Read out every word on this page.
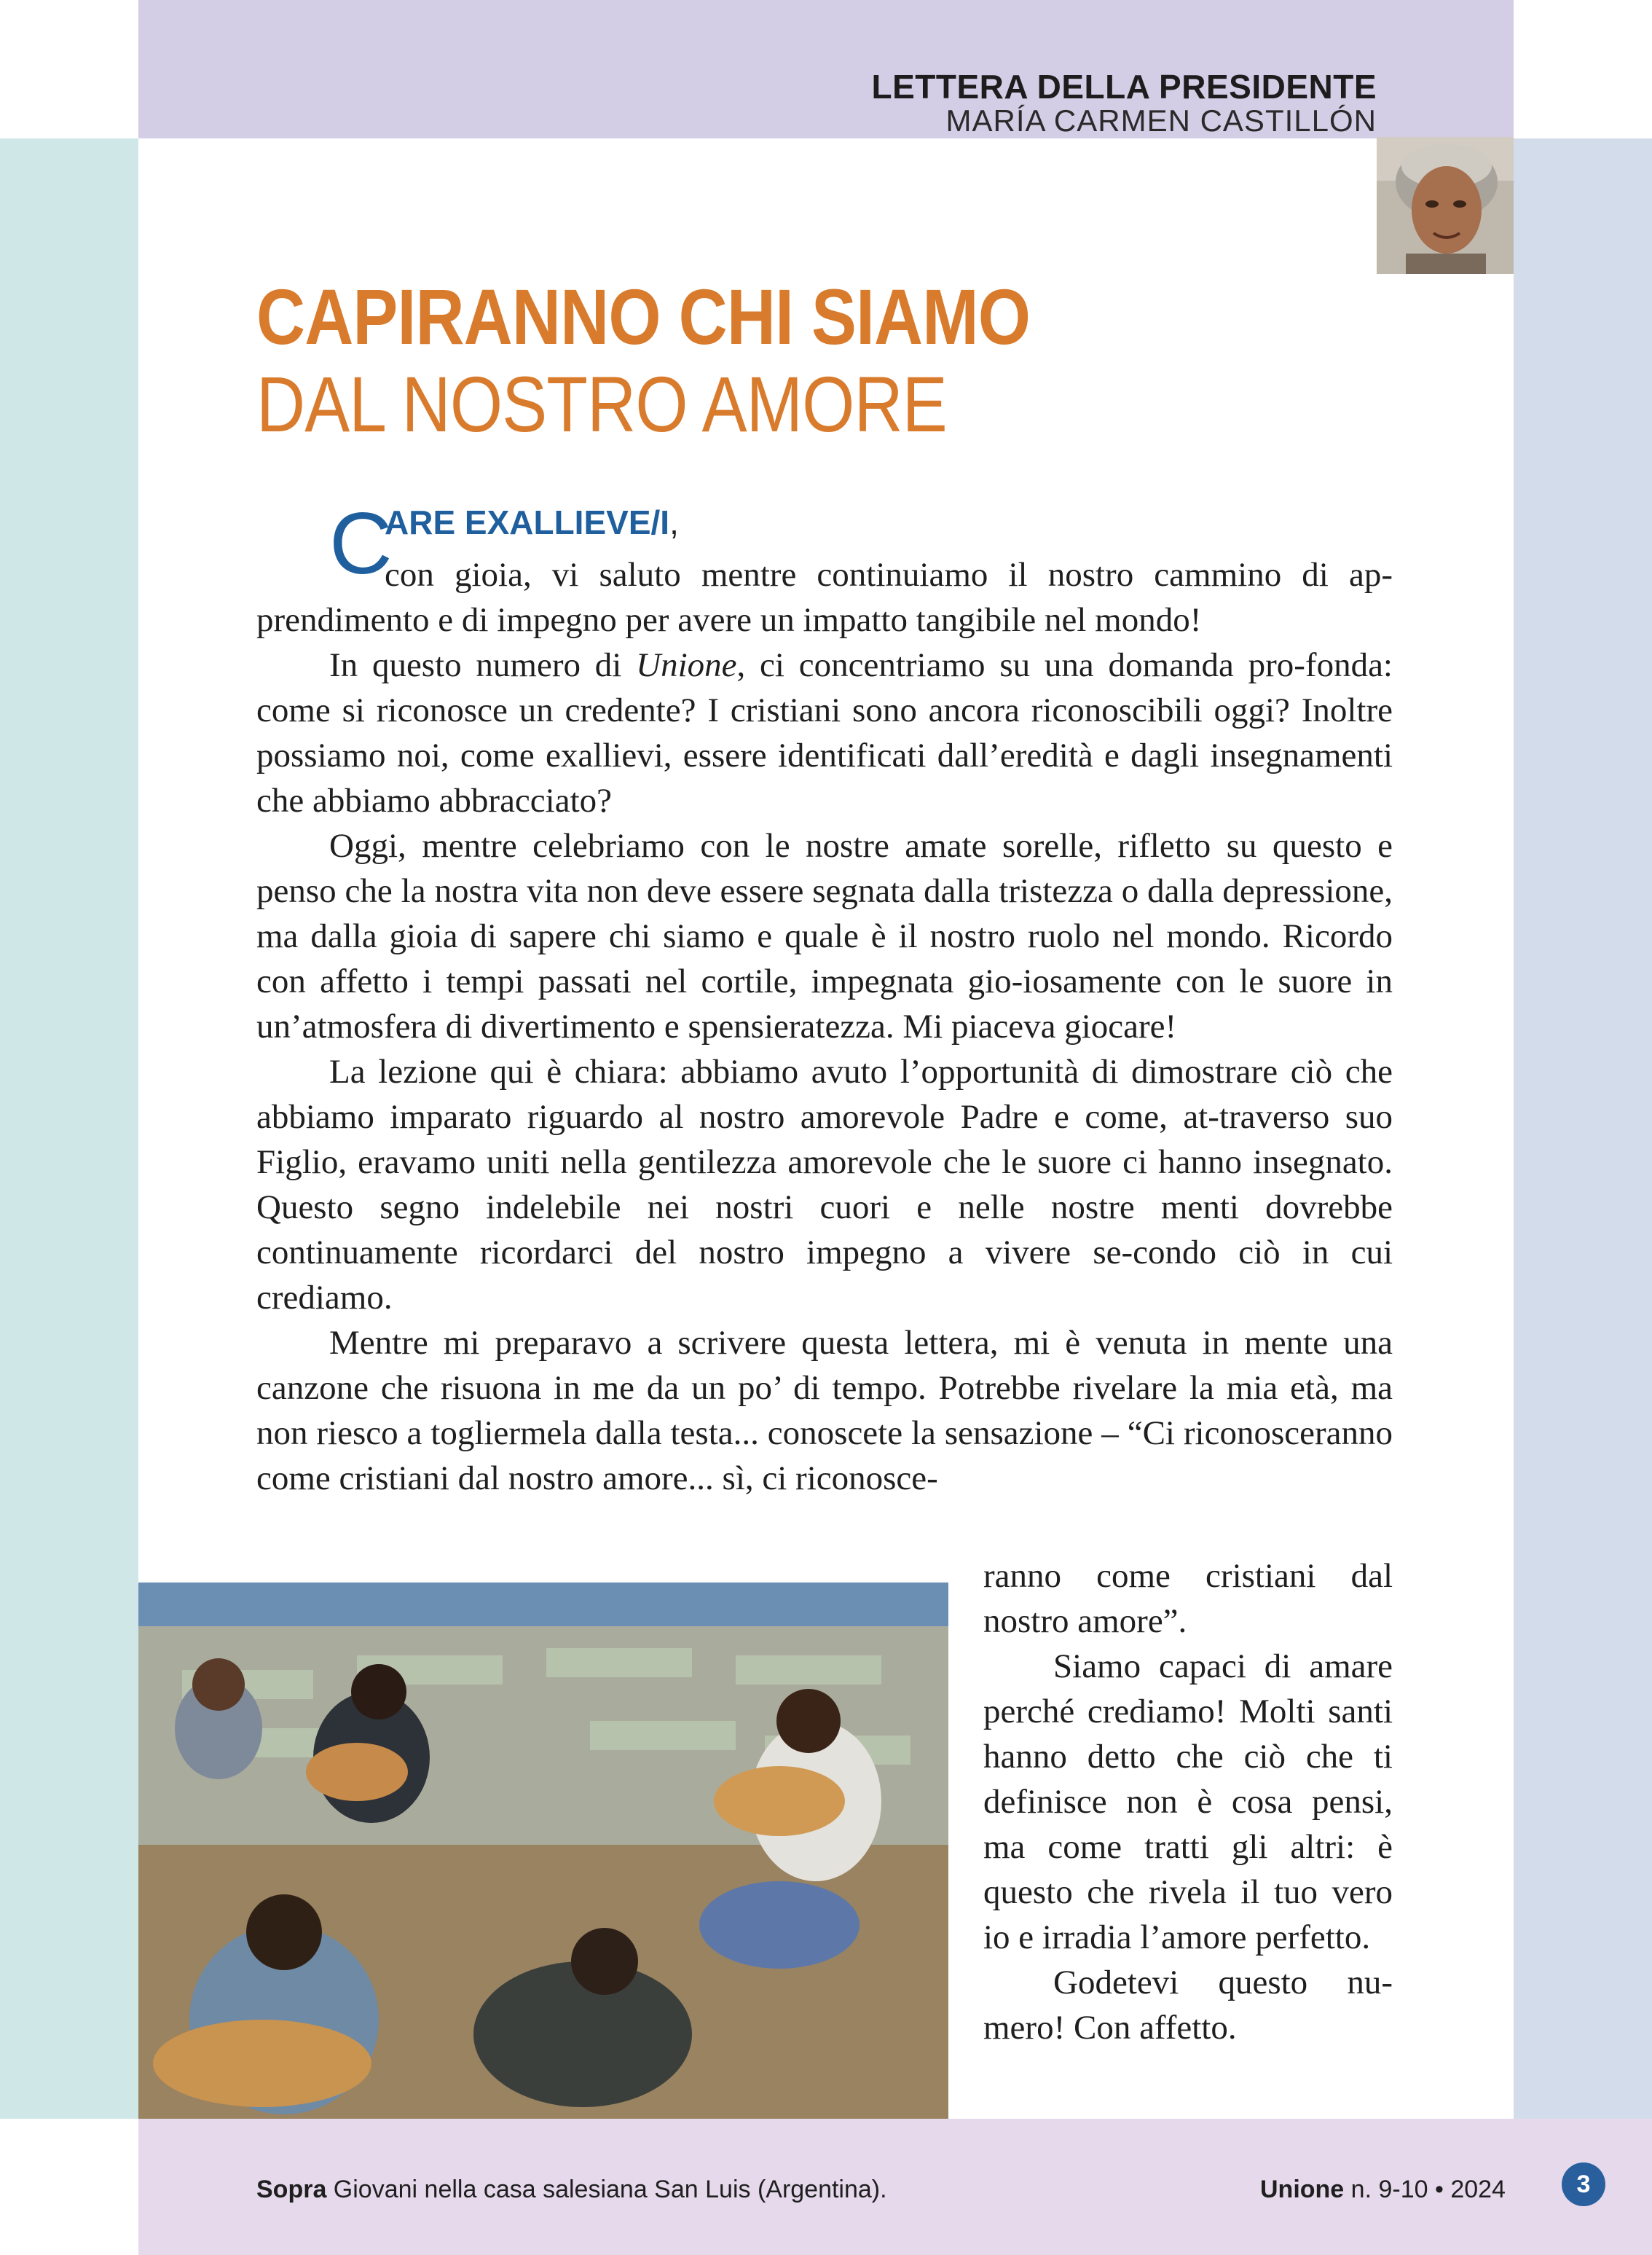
LETTERA DELLA PRESIDENTE
MARÍA CARMEN CASTILLÓN
CAPIRANNO CHI SIAMO
DAL NOSTRO AMORE
C
ARE EXALLIEVE/I,
con gioia, vi saluto mentre continuiamo il nostro cammino di ap-
prendimento e di impegno per avere un impatto tangibile nel mondo!
In questo numero di Unione, ci concentriamo su una domanda pro-fonda: come si riconosce un credente? I cristiani sono ancora riconoscibili oggi? Inoltre possiamo noi, come exallievi, essere identificati dall’eredità e dagli insegnamenti che abbiamo abbracciato?
Oggi, mentre celebriamo con le nostre amate sorelle, rifletto su questo e penso che la nostra vita non deve essere segnata dalla tristezza o dalla depressione, ma dalla gioia di sapere chi siamo e quale è il nostro ruolo nel mondo. Ricordo con affetto i tempi passati nel cortile, impegnata gio-iosamente con le suore in un’atmosfera di divertimento e spensieratezza. Mi piaceva giocare!
La lezione qui è chiara: abbiamo avuto l’opportunità di dimostrare ciò che abbiamo imparato riguardo al nostro amorevole Padre e come, at-traverso suo Figlio, eravamo uniti nella gentilezza amorevole che le suore ci hanno insegnato. Questo segno indelebile nei nostri cuori e nelle nostre menti dovrebbe continuamente ricordarci del nostro impegno a vivere se-condo ciò in cui crediamo.
Mentre mi preparavo a scrivere questa lettera, mi è venuta in mente una canzone che risuona in me da un po’ di tempo. Potrebbe rivelare la mia età, ma non riesco a togliermela dalla testa... conoscete la sensazione – “Ci riconosceranno come cristiani dal nostro amore... sì, ci riconosce-
ranno come cristiani dal nostro amore”.
Siamo capaci di amare perché crediamo! Molti santi hanno detto che ciò che ti definisce non è cosa pensi, ma come tratti gli altri: è questo che rivela il tuo vero io e irradia l’amore perfetto.
Godetevi questo nu-mero! Con affetto.
Sopra Giovani nella casa salesiana San Luis (Argentina).	Unione n. 9-10 • 2024	3
